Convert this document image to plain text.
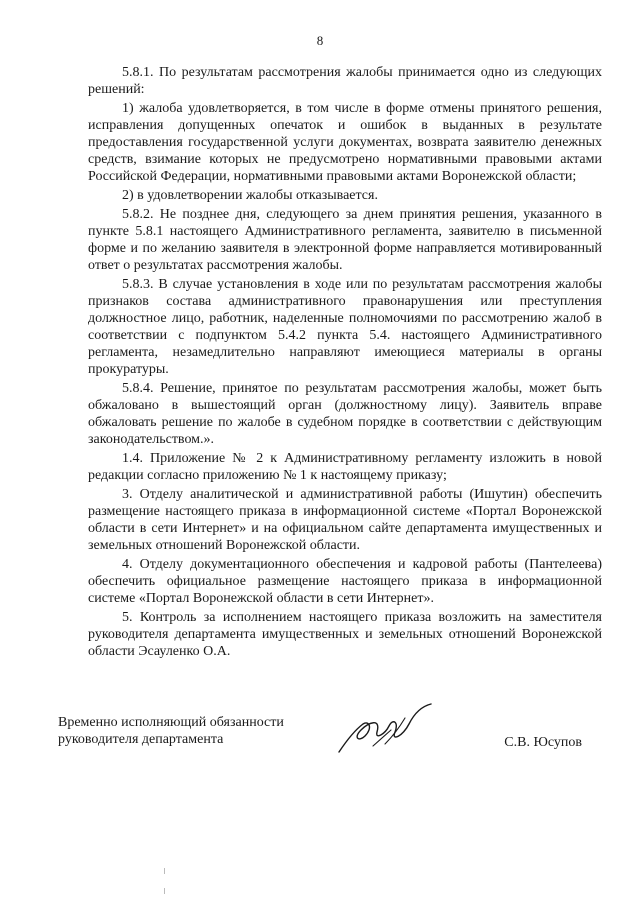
8

5.8.1. По результатам рассмотрения жалобы принимается одно из следующих решений:

1) жалоба удовлетворяется, в том числе в форме отмены принятого решения, исправления допущенных опечаток и ошибок в выданных в результате предоставления государственной услуги документах, возврата заявителю денежных средств, взимание которых не предусмотрено нормативными правовыми актами Российской Федерации, нормативными правовыми актами Воронежской области;

2) в удовлетворении жалобы отказывается.

5.8.2. Не позднее дня, следующего за днем принятия решения, указанного в пункте 5.8.1 настоящего Административного регламента, заявителю в письменной форме и по желанию заявителя в электронной форме направляется мотивированный ответ о результатах рассмотрения жалобы.

5.8.3. В случае установления в ходе или по результатам рассмотрения жалобы признаков состава административного правонарушения или преступления должностное лицо, работник, наделенные полномочиями по рассмотрению жалоб в соответствии с подпунктом 5.4.2 пункта 5.4. настоящего Административного регламента, незамедлительно направляют имеющиеся материалы в органы прокуратуры.

5.8.4. Решение, принятое по результатам рассмотрения жалобы, может быть обжаловано в вышестоящий орган (должностному лицу). Заявитель вправе обжаловать решение по жалобе в судебном порядке в соответствии с действующим законодательством.».

1.4. Приложение № 2 к Административному регламенту изложить в новой редакции согласно приложению № 1 к настоящему приказу;

3. Отделу аналитической и административной работы (Ишутин) обеспечить размещение настоящего приказа в информационной системе «Портал Воронежской области в сети Интернет» и на официальном сайте департамента имущественных и земельных отношений Воронежской области.

4. Отделу документационного обеспечения и кадровой работы (Пантелеева) обеспечить официальное размещение настоящего приказа в информационной системе «Портал Воронежской области в сети Интернет».

5. Контроль за исполнением настоящего приказа возложить на заместителя руководителя департамента имущественных и земельных отношений Воронежской области Эсауленко О.А.

Временно исполняющий обязанности
руководителя департамента	С.В. Юсупов
